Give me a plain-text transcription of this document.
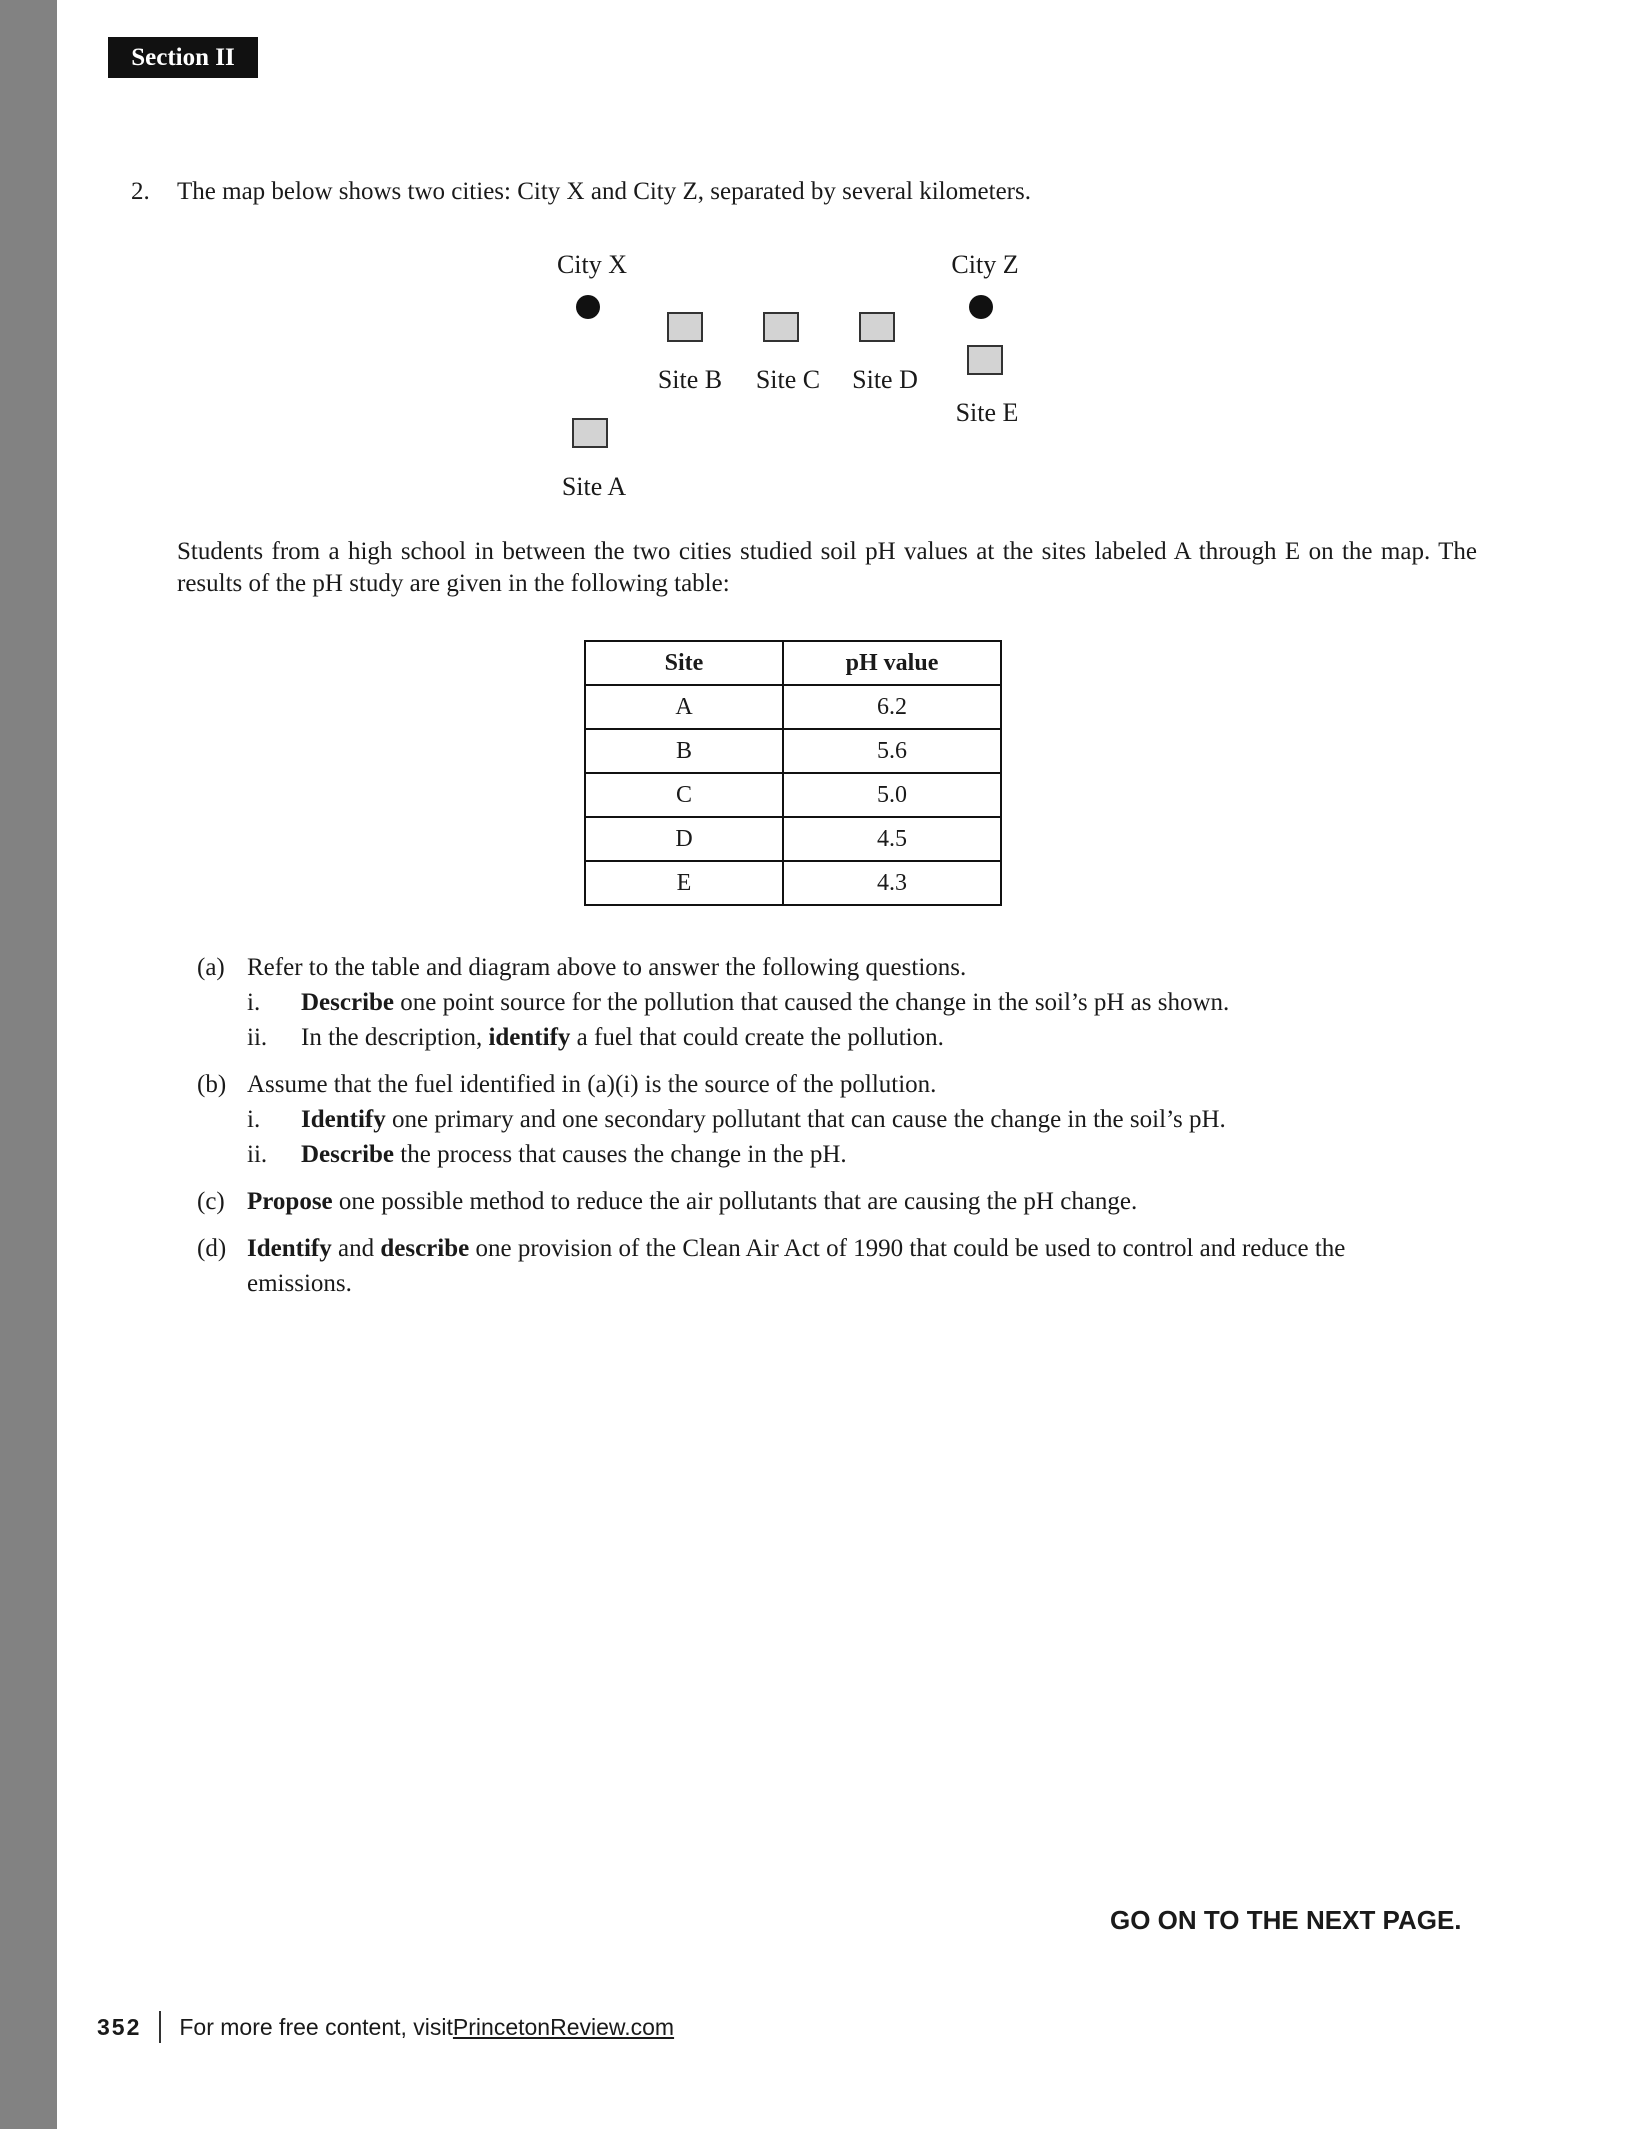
Section II
2. The map below shows two cities: City X and City Z, separated by several kilometers.
City X	City Z
Site B Site C Site D
Site E
Site A
Students from a high school in between the two cities studied soil pH values at the sites labeled A through E on the map. The results of the pH study are given in the following table:
Site	pH value
A	6.2
B	5.6
C	5.0
D	4.5
E	4.3
(a) Refer to the table and diagram above to answer the following questions.
i. Describe one point source for the pollution that caused the change in the soil’s pH as shown.
ii. In the description, identify a fuel that could create the pollution.
(b) Assume that the fuel identified in (a)(i) is the source of the pollution.
i. Identify one primary and one secondary pollutant that can cause the change in the soil’s pH.
ii. Describe the process that causes the change in the pH.
(c) Propose one possible method to reduce the air pollutants that are causing the pH change.
(d) Identify and describe one provision of the Clean Air Act of 1990 that could be used to control and reduce the emissions.
GO ON TO THE NEXT PAGE.
352 For more free content, visit PrincetonReview.com
